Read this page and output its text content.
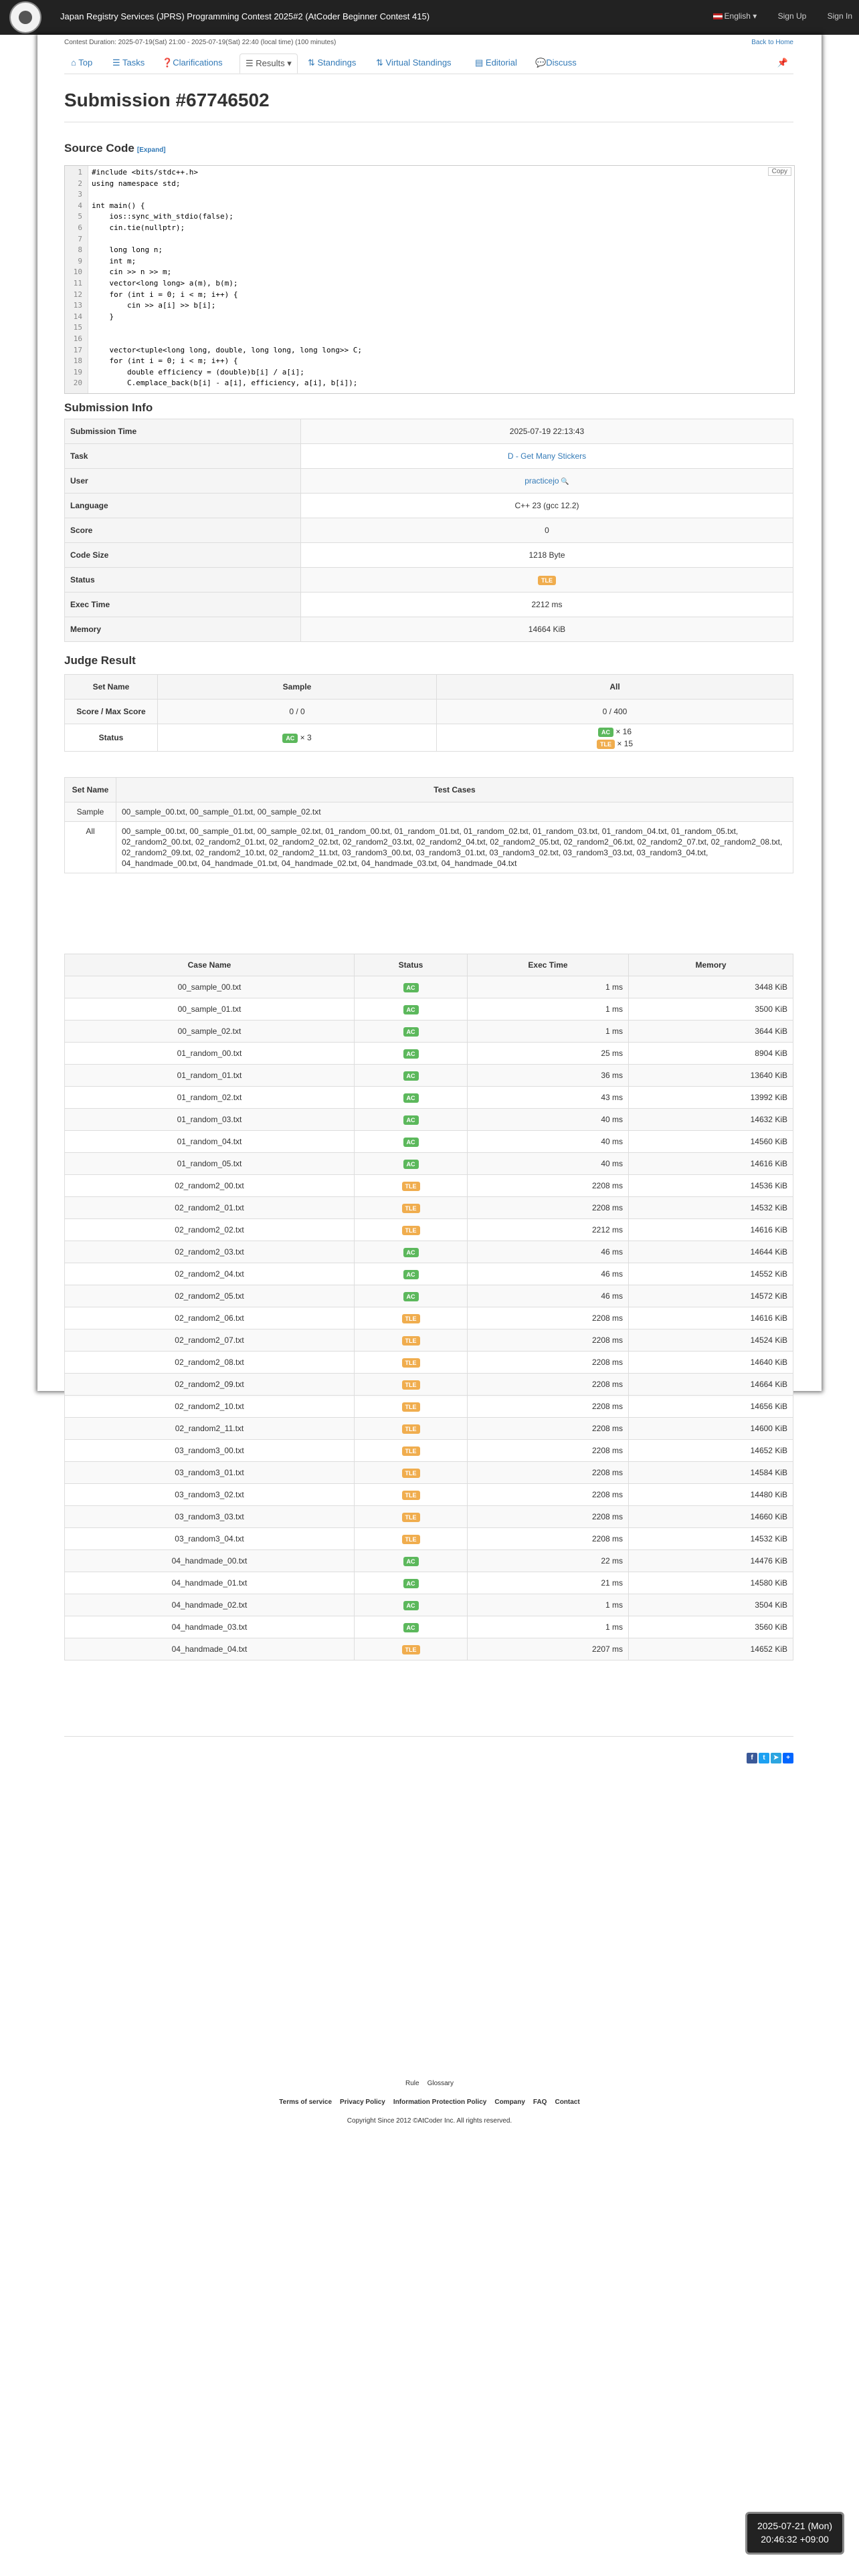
Japan Registry Services (JPRS) Programming Contest 2025#2 (AtCoder Beginner Contest 415)	English ▾	Sign Up	Sign In
Contest Duration: 2025-07-19(Sat) 21:00 - 2025-07-19(Sat) 22:40 (local time) (100 minutes)	Back to Home
⌂ Top ☰ Tasks ❓Clarifications	☰ Results ▾	⇅ Standings ⇅ Virtual Standings	▤ Editorial 💬Discuss	📌
Submission #67746502
Source Code [Expand]
Copy
1 #include <bits/stdc++.h>
2 using namespace std;
3
4 int main() {
5 ios::sync_with_stdio(false);
6 cin.tie(nullptr);
7
8 long long n;
9 int m;
10 cin >> n >> m;
11 vector<long long> a(m), b(m);
12 for (int i = 0; i < m; i++) {
13 cin >> a[i] >> b[i];
14 }
15
16
17 vector<tuple<long long, double, long long, long long>> C;
18 for (int i = 0; i < m; i++) {
19 double efficiency = (double)b[i] / a[i];
20 C.emplace_back(b[i] - a[i], efficiency, a[i], b[i]);
Submission Info
Submission Time	2025-07-19 22:13:43
Task	D - Get Many Stickers
User	practicejo 🔍
Language	C++ 23 (gcc 12.2)
Score	0
Code Size	1218 Byte
Status	TLE
Exec Time	2212 ms
Memory	14664 KiB
Judge Result
Set Name	Sample	All
Score / Max Score	0 / 0	0 / 400
Status	AC × 3	AC × 16
TLE × 15
Set Name	Test Cases
Sample	00_sample_00.txt, 00_sample_01.txt, 00_sample_02.txt
All	00_sample_00.txt, 00_sample_01.txt, 00_sample_02.txt, 01_random_00.txt, 01_random_01.txt, 01_random_02.txt, 01_random_03.txt, 01_random_04.txt, 01_random_05.txt, 02_random2_00.txt, 02_random2_01.txt, 02_random2_02.txt, 02_random2_03.txt, 02_random2_04.txt, 02_random2_05.txt, 02_random2_06.txt, 02_random2_07.txt, 02_random2_08.txt, 02_random2_09.txt, 02_random2_10.txt, 02_random2_11.txt, 03_random3_00.txt, 03_random3_01.txt, 03_random3_02.txt, 03_random3_03.txt, 03_random3_04.txt, 04_handmade_00.txt, 04_handmade_01.txt, 04_handmade_02.txt, 04_handmade_03.txt, 04_handmade_04.txt
Case Name	Status	Exec Time	Memory
00_sample_00.txt	AC	1 ms	3448 KiB
00_sample_01.txt	AC	1 ms	3500 KiB
00_sample_02.txt	AC	1 ms	3644 KiB
01_random_00.txt	AC	25 ms	8904 KiB
01_random_01.txt	AC	36 ms	13640 KiB
01_random_02.txt	AC	43 ms	13992 KiB
01_random_03.txt	AC	40 ms	14632 KiB
01_random_04.txt	AC	40 ms	14560 KiB
01_random_05.txt	AC	40 ms	14616 KiB
02_random2_00.txt	TLE	2208 ms	14536 KiB
02_random2_01.txt	TLE	2208 ms	14532 KiB
02_random2_02.txt	TLE	2212 ms	14616 KiB
02_random2_03.txt	AC	46 ms	14644 KiB
02_random2_04.txt	AC	46 ms	14552 KiB
02_random2_05.txt	AC	46 ms	14572 KiB
02_random2_06.txt	TLE	2208 ms	14616 KiB
02_random2_07.txt	TLE	2208 ms	14524 KiB
02_random2_08.txt	TLE	2208 ms	14640 KiB
02_random2_09.txt	TLE	2208 ms	14664 KiB
02_random2_10.txt	TLE	2208 ms	14656 KiB
02_random2_11.txt	TLE	2208 ms	14600 KiB
03_random3_00.txt	TLE	2208 ms	14652 KiB
03_random3_01.txt	TLE	2208 ms	14584 KiB
03_random3_02.txt	TLE	2208 ms	14480 KiB
03_random3_03.txt	TLE	2208 ms	14660 KiB
03_random3_04.txt	TLE	2208 ms	14532 KiB
04_handmade_00.txt	AC	22 ms	14476 KiB
04_handmade_01.txt	AC	21 ms	14580 KiB
04_handmade_02.txt	AC	1 ms	3504 KiB
04_handmade_03.txt	AC	1 ms	3560 KiB
04_handmade_04.txt	TLE	2207 ms	14652 KiB
f t ➤ +
Rule Glossary
Terms of service Privacy Policy Information Protection Policy Company FAQ Contact
Copyright Since 2012 ©AtCoder Inc. All rights reserved.
2025-07-21 (Mon)
20:46:32 +09:00
